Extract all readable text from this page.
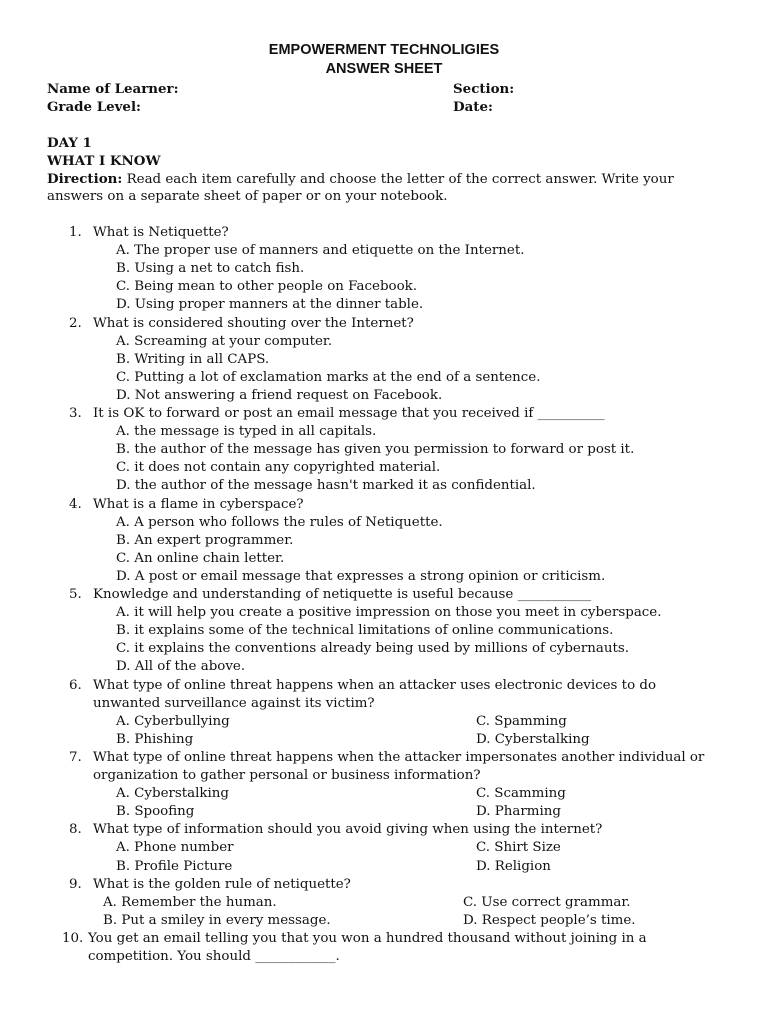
EMPOWERMENT TECHNOLIGIES
ANSWER SHEET
Name of Learner:	Section:
Grade Level:	Date:
DAY 1
WHAT I KNOW
Direction: Read each item carefully and choose the letter of the correct answer. Write your
answers on a separate sheet of paper or on your notebook.
1. What is Netiquette?
A. The proper use of manners and etiquette on the Internet.
B. Using a net to catch fish.
C. Being mean to other people on Facebook.
D. Using proper manners at the dinner table.
2. What is considered shouting over the Internet?
A. Screaming at your computer.
B. Writing in all CAPS.
C. Putting a lot of exclamation marks at the end of a sentence.
D. Not answering a friend request on Facebook.
3. It is OK to forward or post an email message that you received if __________
A. the message is typed in all capitals.
B. the author of the message has given you permission to forward or post it.
C. it does not contain any copyrighted material.
D. the author of the message hasn't marked it as confidential.
4. What is a flame in cyberspace?
A. A person who follows the rules of Netiquette.
B. An expert programmer.
C. An online chain letter.
D. A post or email message that expresses a strong opinion or criticism.
5. Knowledge and understanding of netiquette is useful because ___________
A. it will help you create a positive impression on those you meet in cyberspace.
B. it explains some of the technical limitations of online communications.
C. it explains the conventions already being used by millions of cybernauts.
D. All of the above.
6. What type of online threat happens when an attacker uses electronic devices to do
unwanted surveillance against its victim?
A. Cyberbullying	C. Spamming
B. Phishing	D. Cyberstalking
7. What type of online threat happens when the attacker impersonates another individual or
organization to gather personal or business information?
A. Cyberstalking	C. Scamming
B. Spoofing	D. Pharming
8. What type of information should you avoid giving when using the internet?
A. Phone number	C. Shirt Size
B. Profile Picture	D. Religion
9. What is the golden rule of netiquette?
A. Remember the human.	C. Use correct grammar.
B. Put a smiley in every message.	D. Respect people’s time.
10. You get an email telling you that you won a hundred thousand without joining in a
competition. You should ____________.
